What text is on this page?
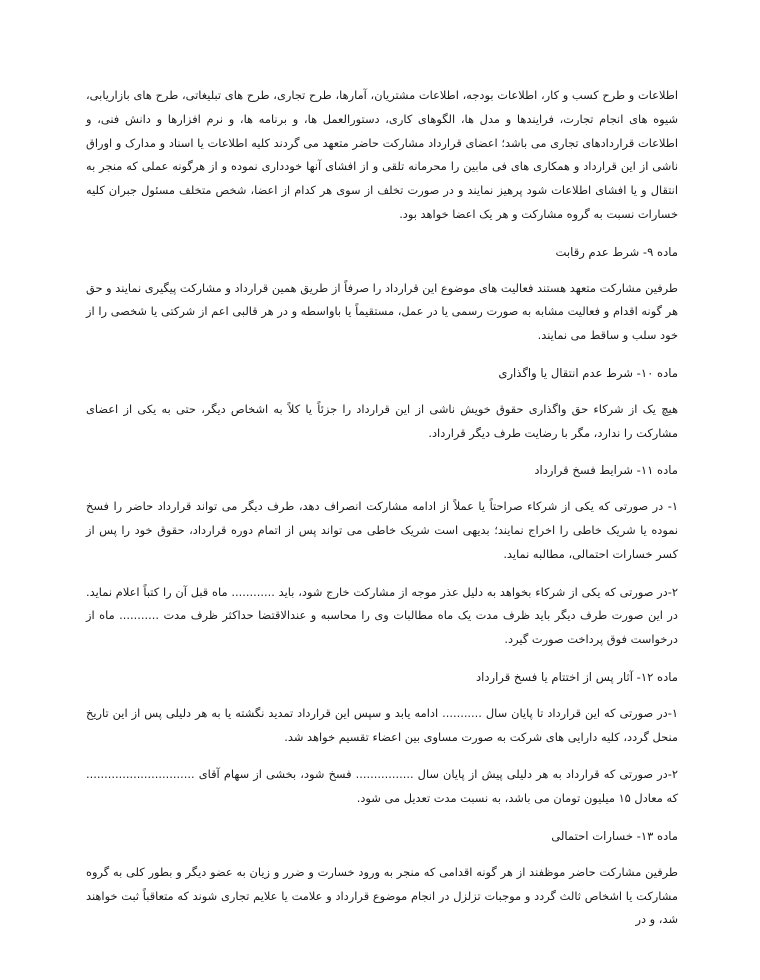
اطلاعات و طرح کسب و کار، اطلاعات بودجه، اطلاعات مشتریان، آمارها، طرح تجاری، طرح های تبلیغاتی، طرح های بازاریابی، شیوه های انجام تجارت، فرایندها و مدل ها، الگوهای کاری، دستورالعمل ها، و برنامه ها، و نرم افزارها و دانش فنی، و اطلاعات قراردادهای تجاری می باشد؛ اعضای قرارداد مشارکت حاضر متعهد می گردند کلیه اطلاعات یا اسناد و مدارک و اوراق ناشی از این قرارداد و همکاری های فی مابین را محرمانه تلقی و از افشای آنها خودداری نموده و از هرگونه عملی که منجر به انتقال و یا افشای اطلاعات شود پرهیز نمایند و در صورت تخلف از سوی هر کدام از اعضا، شخص متخلف مسئول جبران کلیه خسارات نسبت به گروه مشارکت و هر یک اعضا خواهد بود.

ماده ۹- شرط عدم رقابت

طرفین مشارکت متعهد هستند فعالیت های موضوع این قرارداد را صرفاً از طریق همین قرارداد و مشارکت پیگیری نمایند و حق هر گونه اقدام و فعالیت مشابه به صورت رسمی یا در عمل، مستقیماً یا باواسطه و در هر قالبی اعم از شرکتی یا شخصی را از خود سلب و ساقط می نمایند.

ماده ۱۰- شرط عدم انتقال یا واگذاری

هیچ یک از شرکاء حق واگذاری حقوق خویش ناشی از این قرارداد را جزئاً یا کلاً به اشخاص دیگر، حتی به یکی از اعضای مشارکت را ندارد، مگر با رضایت طرف دیگر قرارداد.

ماده ۱۱- شرایط فسخ قرارداد

۱- در صورتی که یکی از شرکاء صراحتاً یا عملاً از ادامه مشارکت انصراف دهد، طرف دیگر می تواند قرارداد حاضر را فسخ نموده یا شریک خاطی را اخراج نمایند؛ بدیهی است شریک خاطی می تواند پس از اتمام دوره قرارداد، حقوق خود را پس از کسر خسارات احتمالی، مطالبه نماید.

۲-در صورتی که یکی از شرکاء بخواهد به دلیل عذر موجه از مشارکت خارج شود، باید ............ ماه قبل آن را کتباً اعلام نماید. در این صورت طرف دیگر باید ظرف مدت یک ماه مطالبات وی را محاسبه و عندالاقتضا حداکثر ظرف مدت ........... ماه از درخواست فوق پرداخت صورت گیرد.

ماده ۱۲- آثار پس از اختتام یا فسخ قرارداد

۱-در صورتی که این قرارداد تا پایان سال ........... ادامه یابد و سپس این قرارداد تمدید نگشته یا به هر دلیلی پس از این تاریخ منحل گردد، کلیه دارایی های شرکت به صورت مساوی بین اعضاء تقسیم خواهد شد.

۲-در صورتی که قرارداد به هر دلیلی پیش از پایان سال ................ فسخ شود، بخشی از سهام آقای .............................. که معادل ۱۵ میلیون تومان می باشد، به نسبت مدت تعدیل می شود.

ماده ۱۳- خسارات احتمالی

طرفین مشارکت حاضر موظفند از هر گونه اقدامی که منجر به ورود خسارت و ضرر و زیان به عضو دیگر و بطور کلی به گروه مشارکت یا اشخاص ثالث گردد و موجبات تزلزل در انجام موضوع قرارداد و علامت یا علایم تجاری شوند که متعاقباً ثبت خواهند شد، و در
